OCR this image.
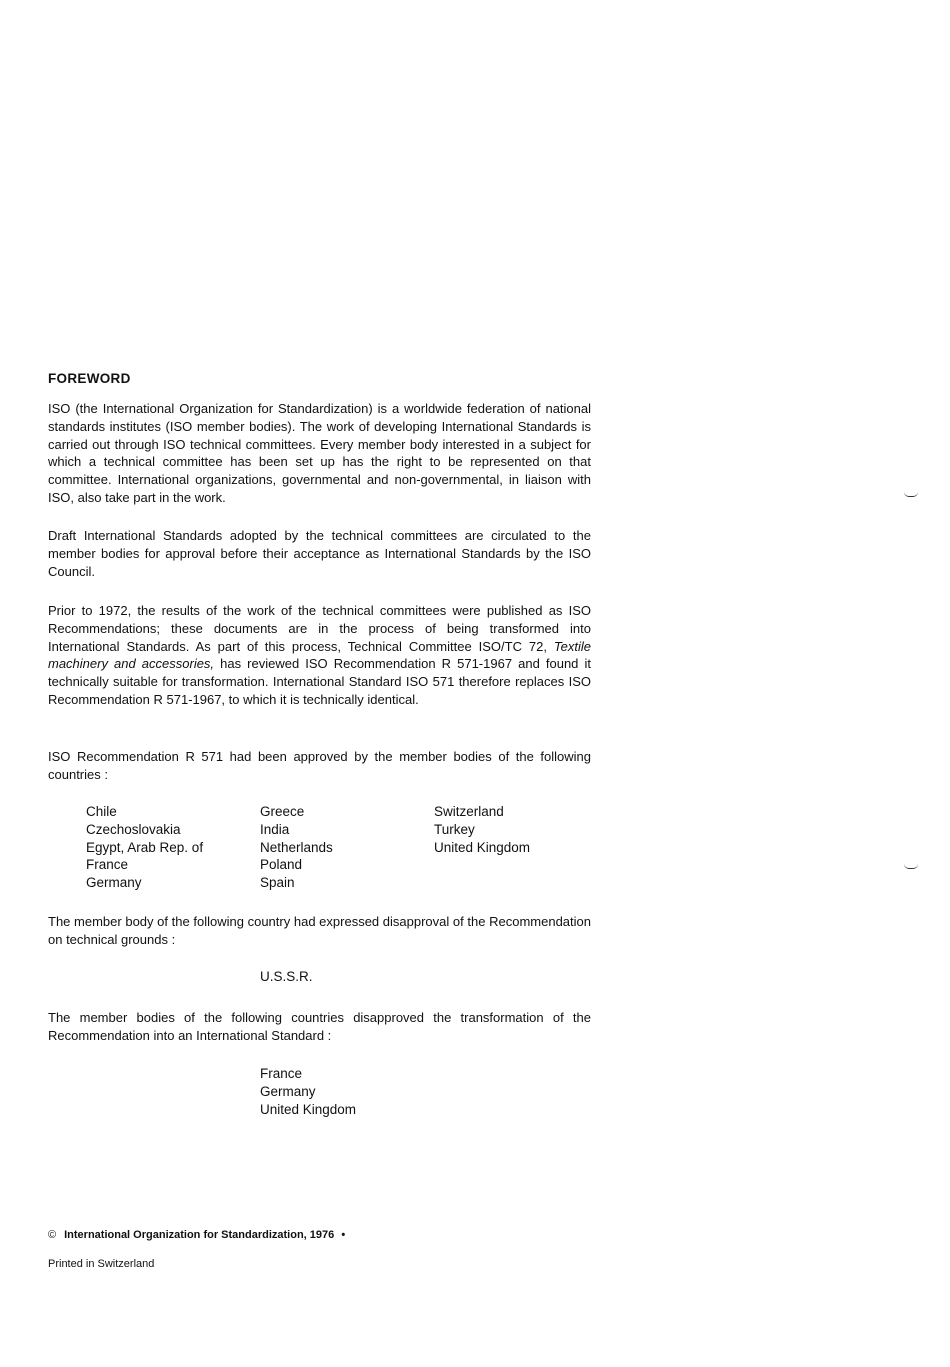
FOREWORD

ISO (the International Organization for Standardization) is a worldwide federation of national standards institutes (ISO member bodies). The work of developing International Standards is carried out through ISO technical committees. Every member body interested in a subject for which a technical committee has been set up has the right to be represented on that committee. International organizations, governmental and non-governmental, in liaison with ISO, also take part in the work.

Draft International Standards adopted by the technical committees are circulated to the member bodies for approval before their acceptance as International Standards by the ISO Council.

Prior to 1972, the results of the work of the technical committees were published as ISO Recommendations; these documents are in the process of being transformed into International Standards. As part of this process, Technical Committee ISO/TC 72, Textile machinery and accessories, has reviewed ISO Recommendation R 571-1967 and found it technically suitable for transformation. International Standard ISO 571 therefore replaces ISO Recommendation R 571-1967, to which it is technically identical.

ISO Recommendation R 571 had been approved by the member bodies of the following countries :

Chile
Czechoslovakia
Egypt, Arab Rep. of
France
Germany
Greece
India
Netherlands
Poland
Spain
Switzerland
Turkey
United Kingdom

The member body of the following country had expressed disapproval of the Recommendation on technical grounds :

U.S.S.R.

The member bodies of the following countries disapproved the transformation of the Recommendation into an International Standard :

France
Germany
United Kingdom
© International Organization for Standardization, 1976 •
Printed in Switzerland
